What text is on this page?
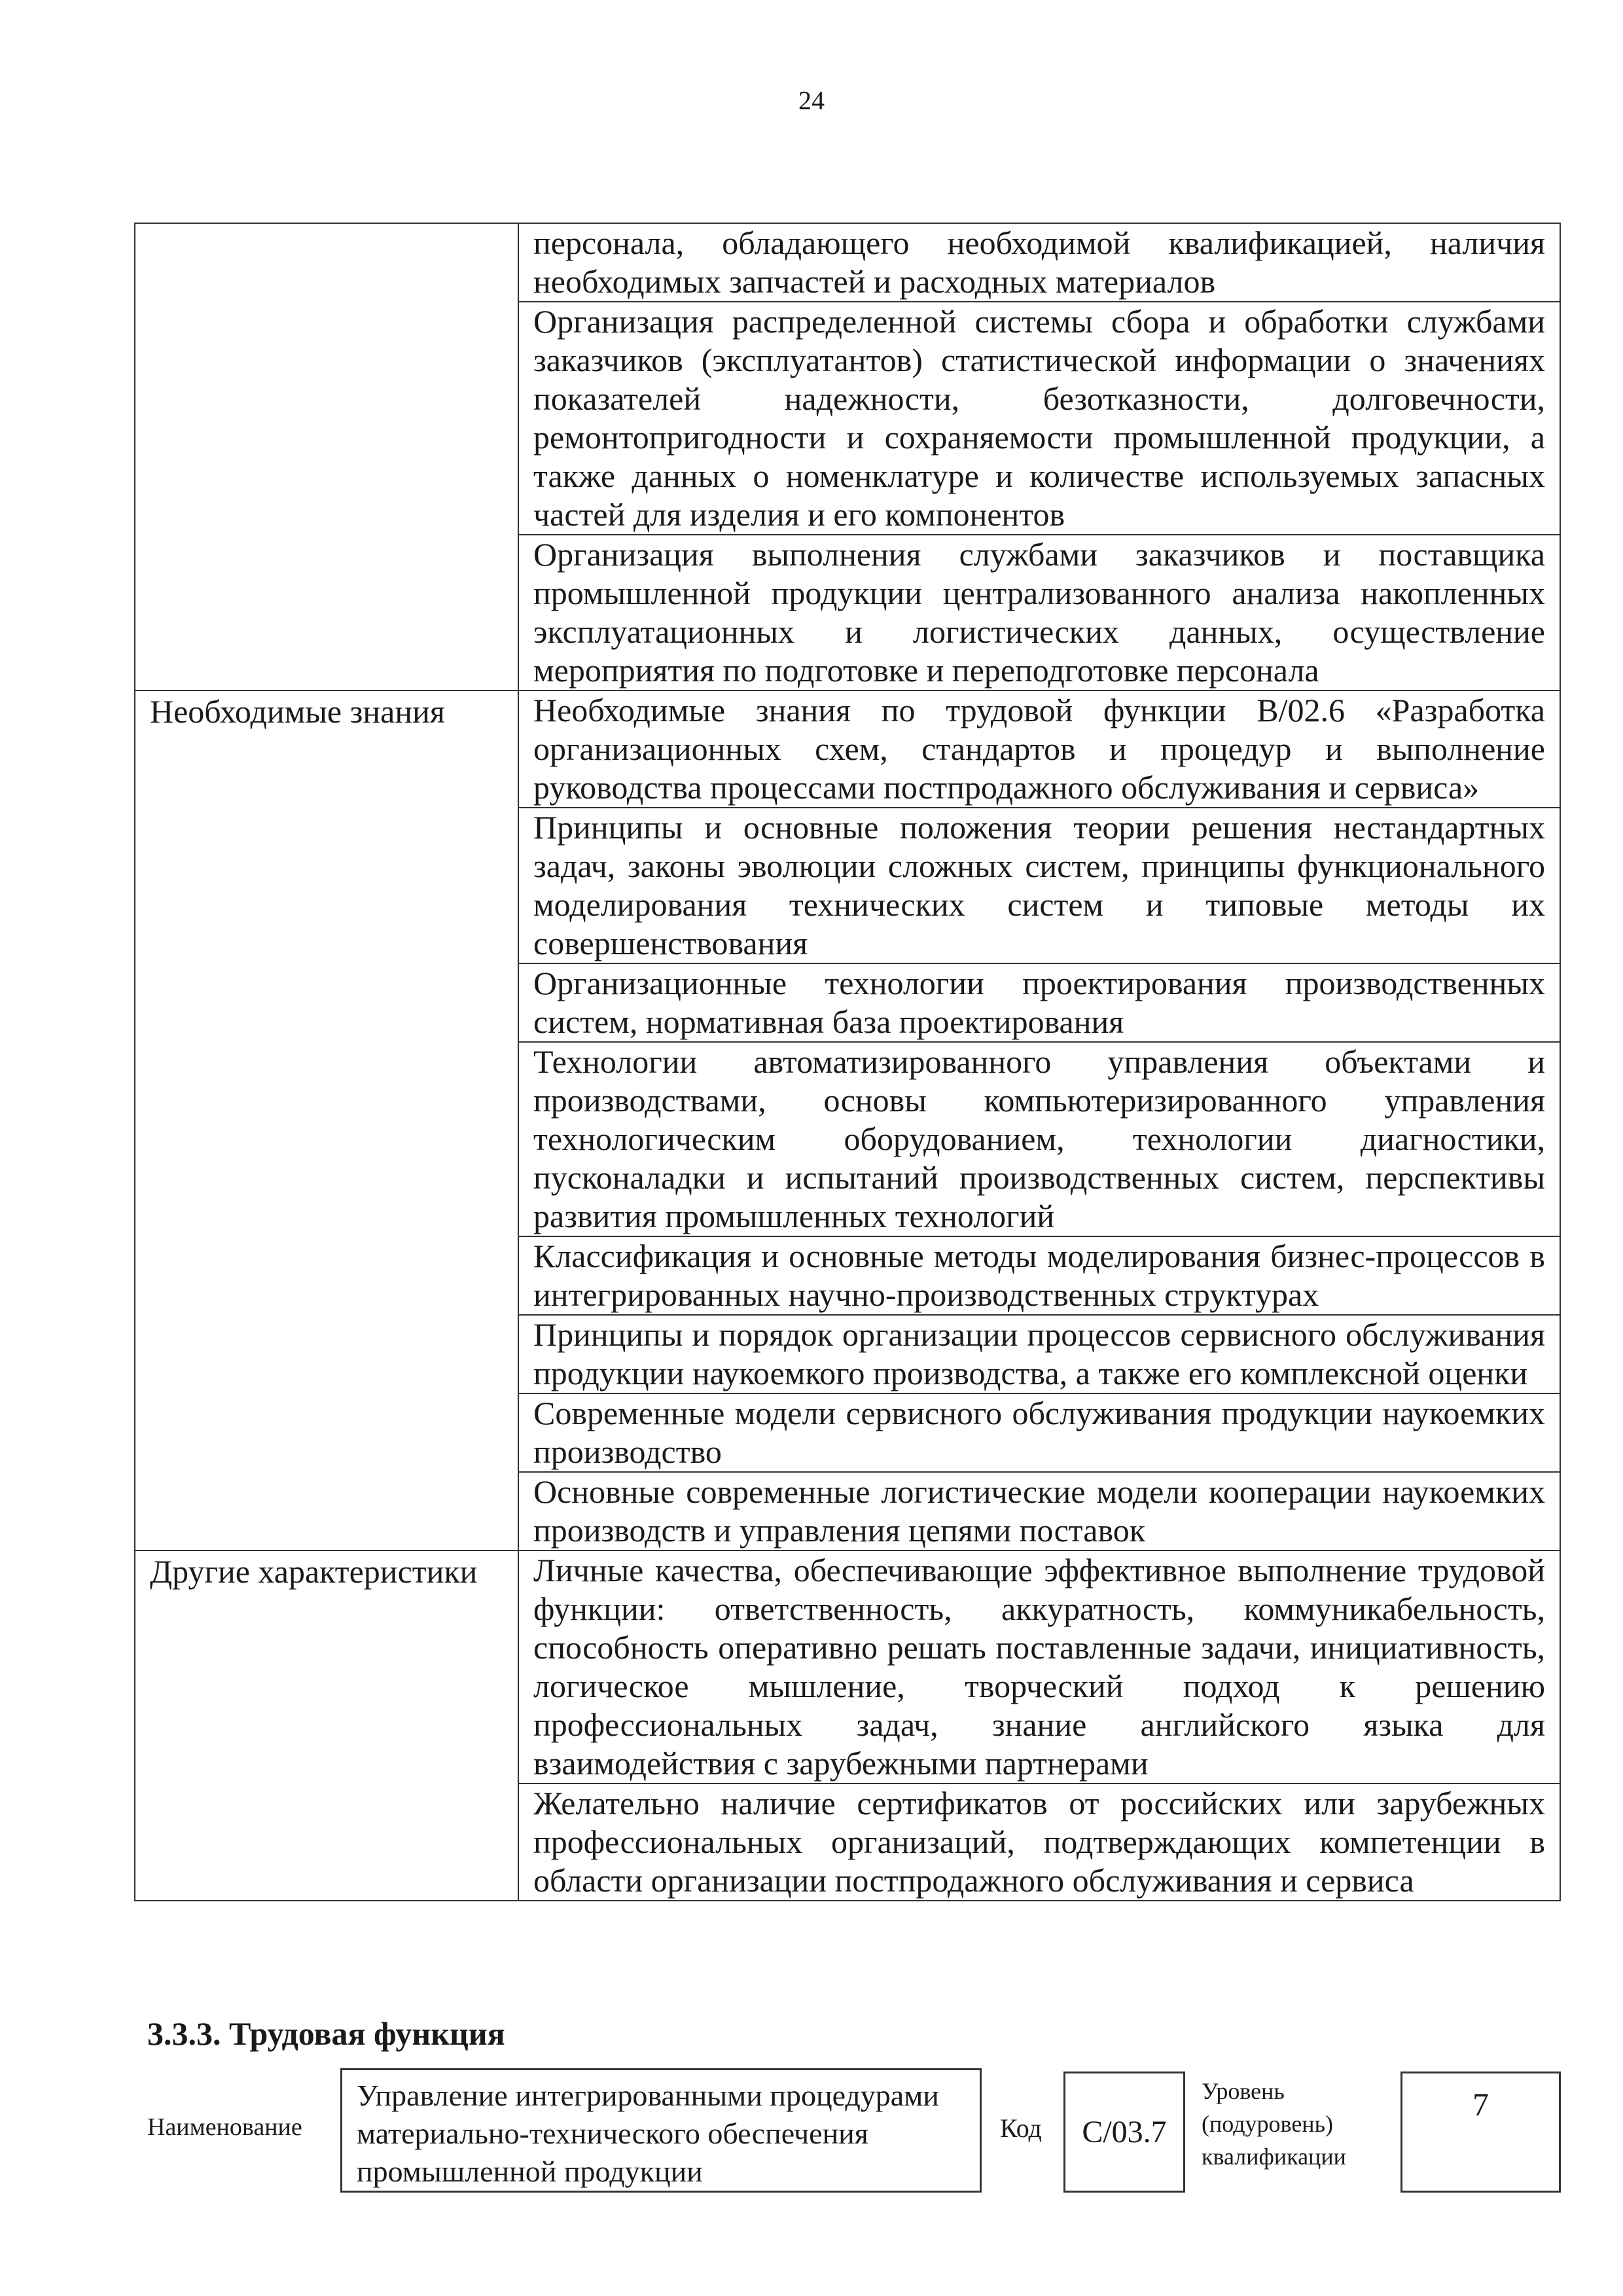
24
	персонала, обладающего необходимой квалификацией, наличия необходимых запчастей и расходных материалов
	Организация распределенной системы сбора и обработки службами заказчиков (эксплуатантов) статистической информации о значениях показателей надежности, безотказности, долговечности, ремонтопригодности и сохраняемости промышленной продукции, а также данных о номенклатуре и количестве используемых запасных частей для изделия и его компонентов
	Организация выполнения службами заказчиков и поставщика промышленной продукции централизованного анализа накопленных эксплуатационных и логистических данных, осуществление мероприятия по подготовке и переподготовке персонала
Необходимые знания	Необходимые знания по трудовой функции В/02.6 «Разработка организационных схем, стандартов и процедур и выполнение руководства процессами постпродажного обслуживания и сервиса»
	Принципы и основные положения теории решения нестандартных задач, законы эволюции сложных систем, принципы функционального моделирования технических систем и типовые методы их совершенствования
	Организационные технологии проектирования производственных систем, нормативная база проектирования
	Технологии автоматизированного управления объектами и производствами, основы компьютеризированного управления технологическим оборудованием, технологии диагностики, пусконаладки и испытаний производственных систем, перспективы развития промышленных технологий
	Классификация и основные методы моделирования бизнес-процессов в интегрированных научно-производственных структурах
	Принципы и порядок организации процессов сервисного обслуживания продукции наукоемкого производства, а также его комплексной оценки
	Современные модели сервисного обслуживания продукции наукоемких производство
	Основные современные логистические модели кооперации наукоемких производств и управления цепями поставок
Другие характеристики	Личные качества, обеспечивающие эффективное выполнение трудовой функции: ответственность, аккуратность, коммуникабельность, способность оперативно решать поставленные задачи, инициативность, логическое мышление, творческий подход к решению профессиональных задач, знание английского языка для взаимодействия с зарубежными партнерами
	Желательно наличие сертификатов от российских или зарубежных профессиональных организаций, подтверждающих компетенции в области организации постпродажного обслуживания и сервиса
3.3.3. Трудовая функция
Наименование
Управление интегрированными процедурами материально-технического обеспечения промышленной продукции
Код	С/03.7
Уровень (подуровень) квалификации
7
